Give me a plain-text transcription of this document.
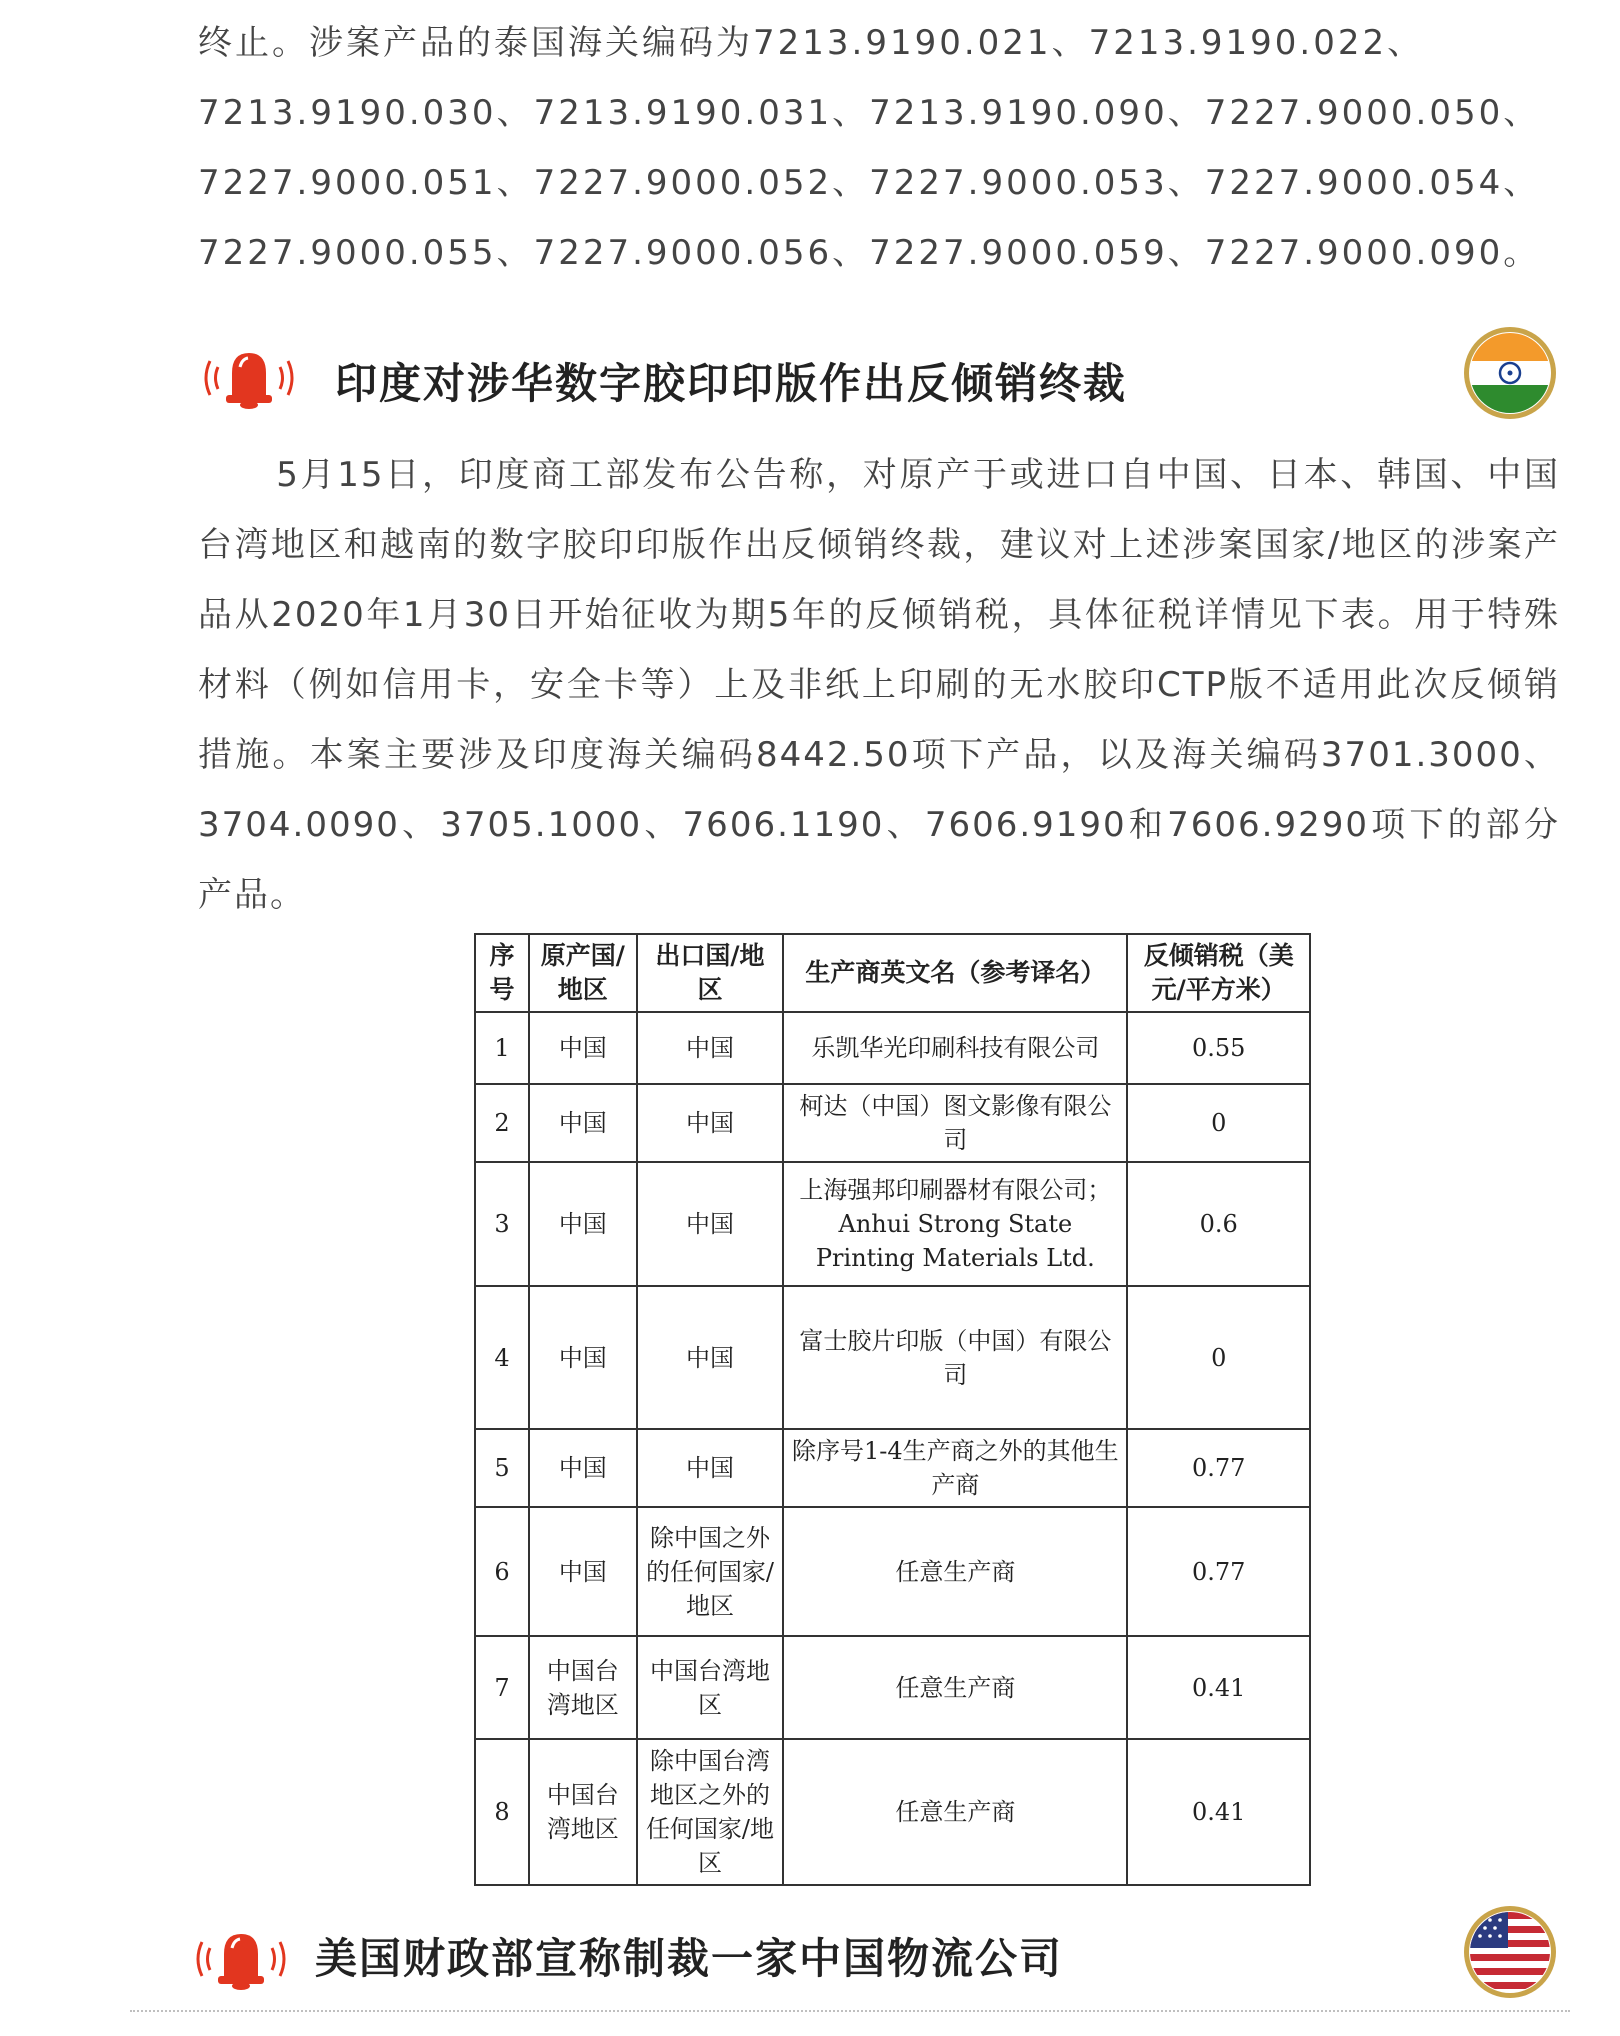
终止。涉案产品的泰国海关编码为7213.9190.021、7213.9190.022、

7213.9190.030、7213.9190.031、7213.9190.090、7227.9000.050、

7227.9000.051、7227.9000.052、7227.9000.053、7227.9000.054、

7227.9000.055、7227.9000.056、7227.9000.059、7227.9000.090。

印度对涉华数字胶印印版作出反倾销终裁

5月15日，印度商工部发布公告称，对原产于或进口自中国、日本、韩国、中国台湾地区和越南的数字胶印印版作出反倾销终裁，建议对上述涉案国家/地区的涉案产品从2020年1月30日开始征收为期5年的反倾销税，具体征税详情见下表。用于特殊材料（例如信用卡，安全卡等）上及非纸上印刷的无水胶印CTP版不适用此次反倾销措施。本案主要涉及印度海关编码8442.50项下产品，以及海关编码3701.3000、3704.0090、3705.1000、7606.1190、7606.9190和7606.9290项下的部分产品。

序号	原产国/地区	出口国/地区	生产商英文名（参考译名）	反倾销税（美元/平方米）
1	中国	中国	乐凯华光印刷科技有限公司	0.55
2	中国	中国	柯达（中国）图文影像有限公司	0
3	中国	中国	上海强邦印刷器材有限公司；Anhui Strong State Printing Materials Ltd.	0.6
4	中国	中国	富士胶片印版（中国）有限公司	0
5	中国	中国	除序号1-4生产商之外的其他生产商	0.77
6	中国	除中国之外的任何国家/地区	任意生产商	0.77
7	中国台湾地区	中国台湾地区	任意生产商	0.41
8	中国台湾地区	除中国台湾地区之外的任何国家/地区	任意生产商	0.41
美国财政部宣称制裁一家中国物流公司
